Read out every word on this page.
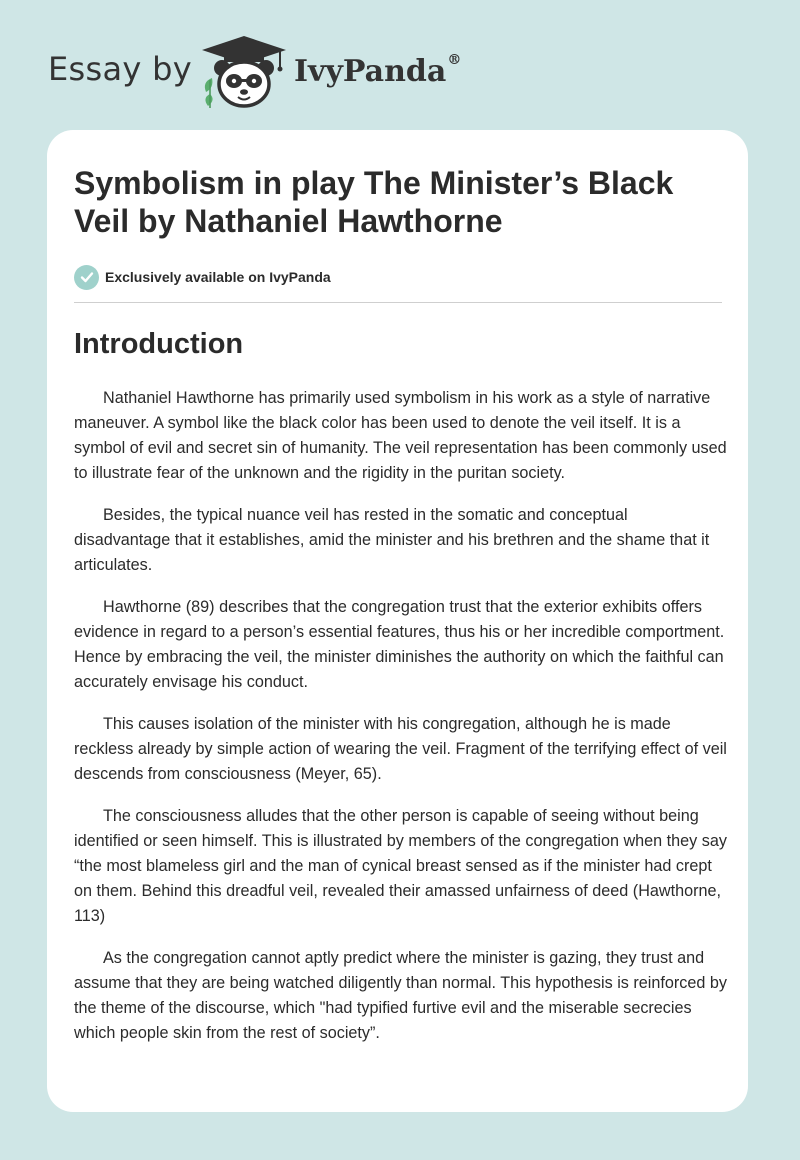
Essay by	IvyPanda®
Symbolism in play The Minister’s Black Veil by Nathaniel Hawthorne
Exclusively available on IvyPanda
Introduction

Nathaniel Hawthorne has primarily used symbolism in his work as a style of narrative maneuver. A symbol like the black color has been used to denote the veil itself. It is a symbol of evil and secret sin of humanity. The veil representation has been commonly used to illustrate fear of the unknown and the rigidity in the puritan society.

Besides, the typical nuance veil has rested in the somatic and conceptual disadvantage that it establishes, amid the minister and his brethren and the shame that it articulates.

Hawthorne (89) describes that the congregation trust that the exterior exhibits offers evidence in regard to a person’s essential features, thus his or her incredible comportment. Hence by embracing the veil, the minister diminishes the authority on which the faithful can accurately envisage his conduct.

This causes isolation of the minister with his congregation, although he is made reckless already by simple action of wearing the veil. Fragment of the terrifying effect of veil descends from consciousness (Meyer, 65).

The consciousness alludes that the other person is capable of seeing without being identified or seen himself. This is illustrated by members of the congregation when they say “the most blameless girl and the man of cynical breast sensed as if the minister had crept on them. Behind this dreadful veil, revealed their amassed unfairness of deed (Hawthorne, 113)

As the congregation cannot aptly predict where the minister is gazing, they trust and assume that they are being watched diligently than normal. This hypothesis is reinforced by the theme of the discourse, which "had typified furtive evil and the miserable secrecies which people skin from the rest of society”.
